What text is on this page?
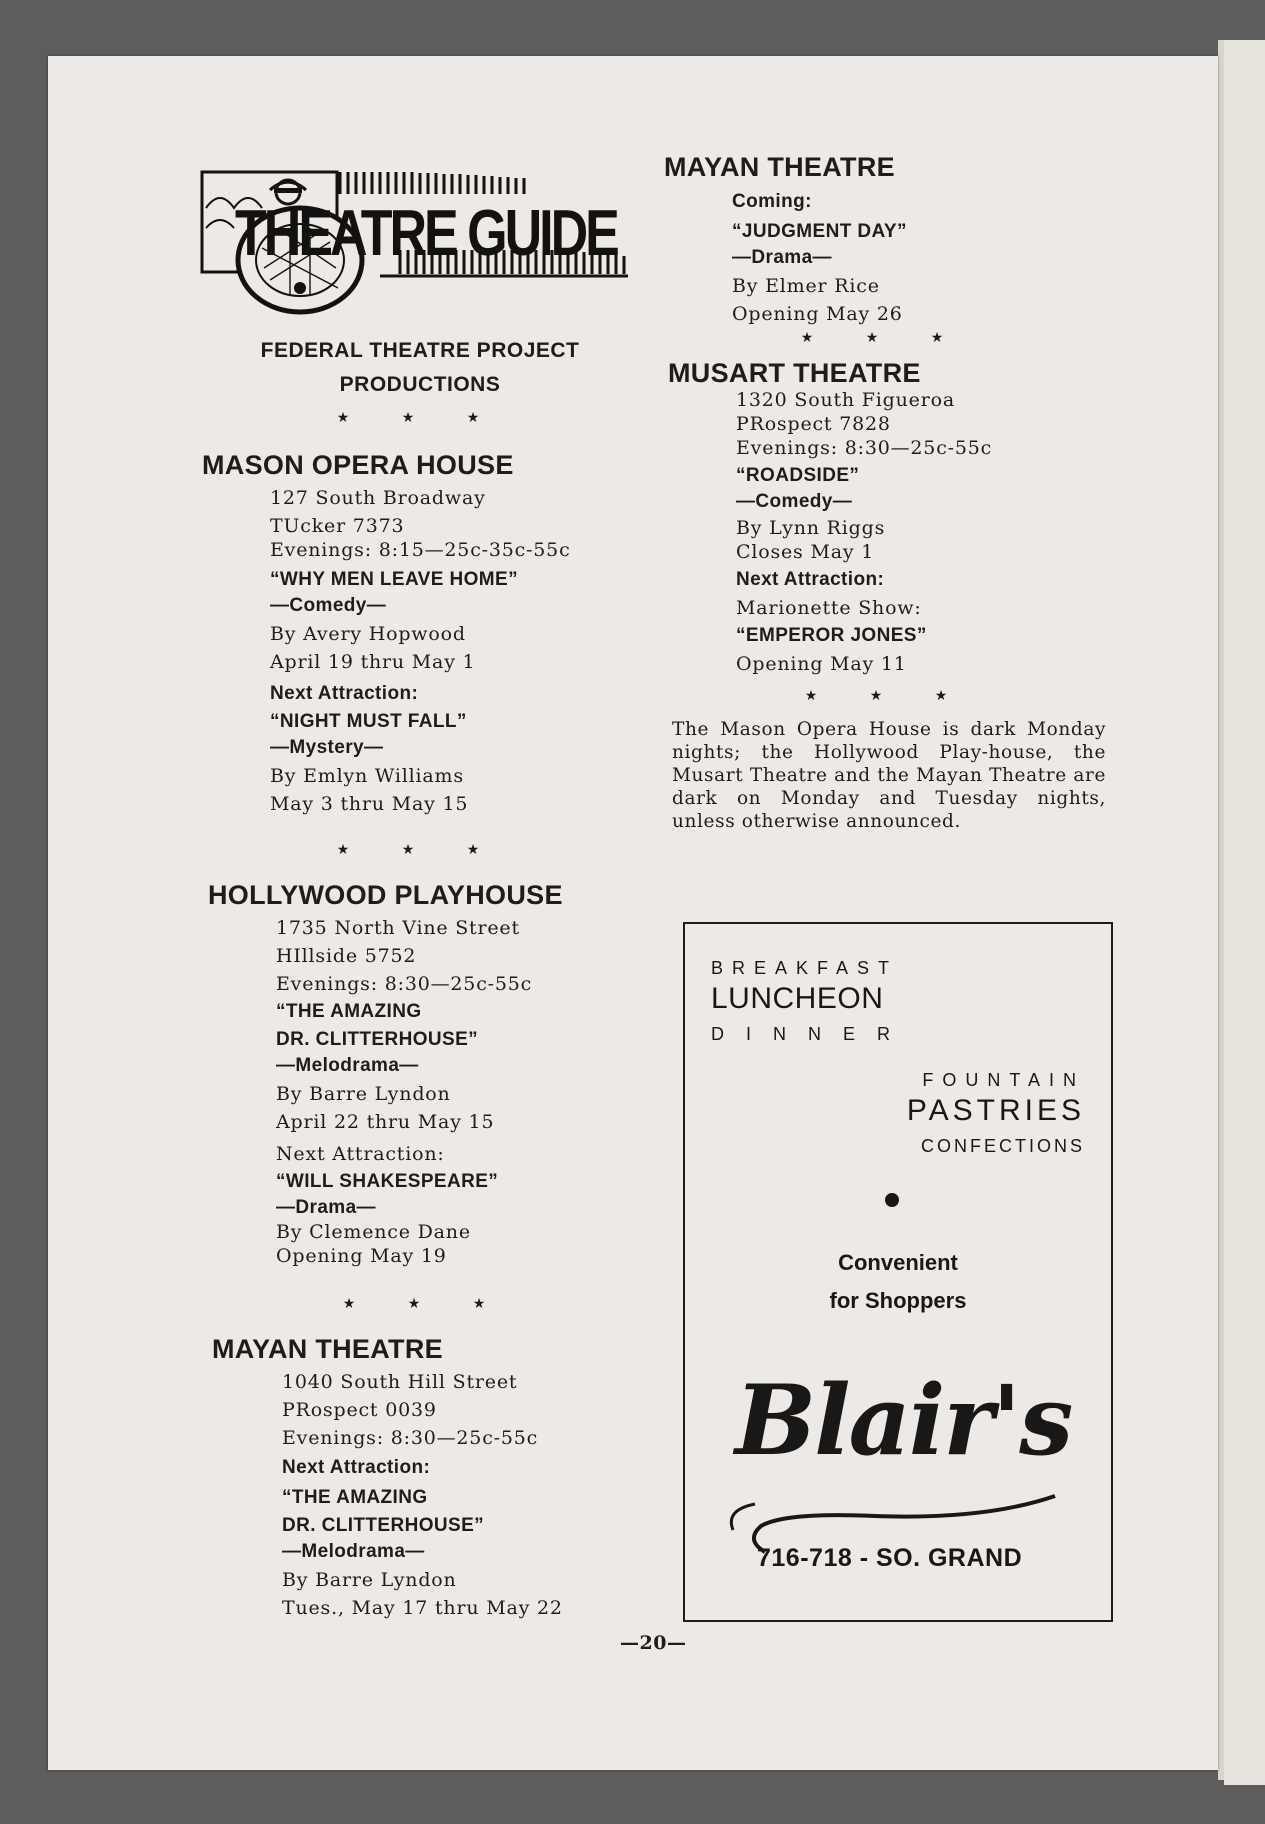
THEATRE GUIDE
FEDERAL THEATRE PROJECT
PRODUCTIONS
★ ★ ★
MASON OPERA HOUSE
127 South Broadway
TUcker 7373
Evenings: 8:15—25c-35c-55c
“WHY MEN LEAVE HOME”
—Comedy—
By Avery Hopwood
April 19 thru May 1
Next Attraction:
“NIGHT MUST FALL”
—Mystery—
By Emlyn Williams
May 3 thru May 15
★ ★ ★
HOLLYWOOD PLAYHOUSE
1735 North Vine Street
HIllside 5752
Evenings: 8:30—25c-55c
“THE AMAZING
DR. CLITTERHOUSE”
—Melodrama—
By Barre Lyndon
April 22 thru May 15
Next Attraction:
“WILL SHAKESPEARE”
—Drama—
By Clemence Dane
Opening May 19
★ ★ ★
MAYAN THEATRE
1040 South Hill Street
PRospect 0039
Evenings: 8:30—25c-55c
Next Attraction:
“THE AMAZING
DR. CLITTERHOUSE”
—Melodrama—
By Barre Lyndon
Tues., May 17 thru May 22
MAYAN THEATRE
Coming:
“JUDGMENT DAY”
—Drama—
By Elmer Rice
Opening May 26
★ ★ ★
MUSART THEATRE
1320 South Figueroa
PRospect 7828
Evenings: 8:30—25c-55c
“ROADSIDE”
—Comedy—
By Lynn Riggs
Closes May 1
Next Attraction:
Marionette Show:
“EMPEROR JONES”
Opening May 11
★ ★ ★
The Mason Opera House is dark Monday nights; the Hollywood Play-house, the Musart Theatre and the Mayan Theatre are dark on Monday and Tuesday nights, unless otherwise announced.
BREAKFAST
LUNCHEON
DINNER
FOUNTAIN
PASTRIES
CONFECTIONS
Convenient
for Shoppers
Blair's
716-718 - SO. GRAND
—20—
